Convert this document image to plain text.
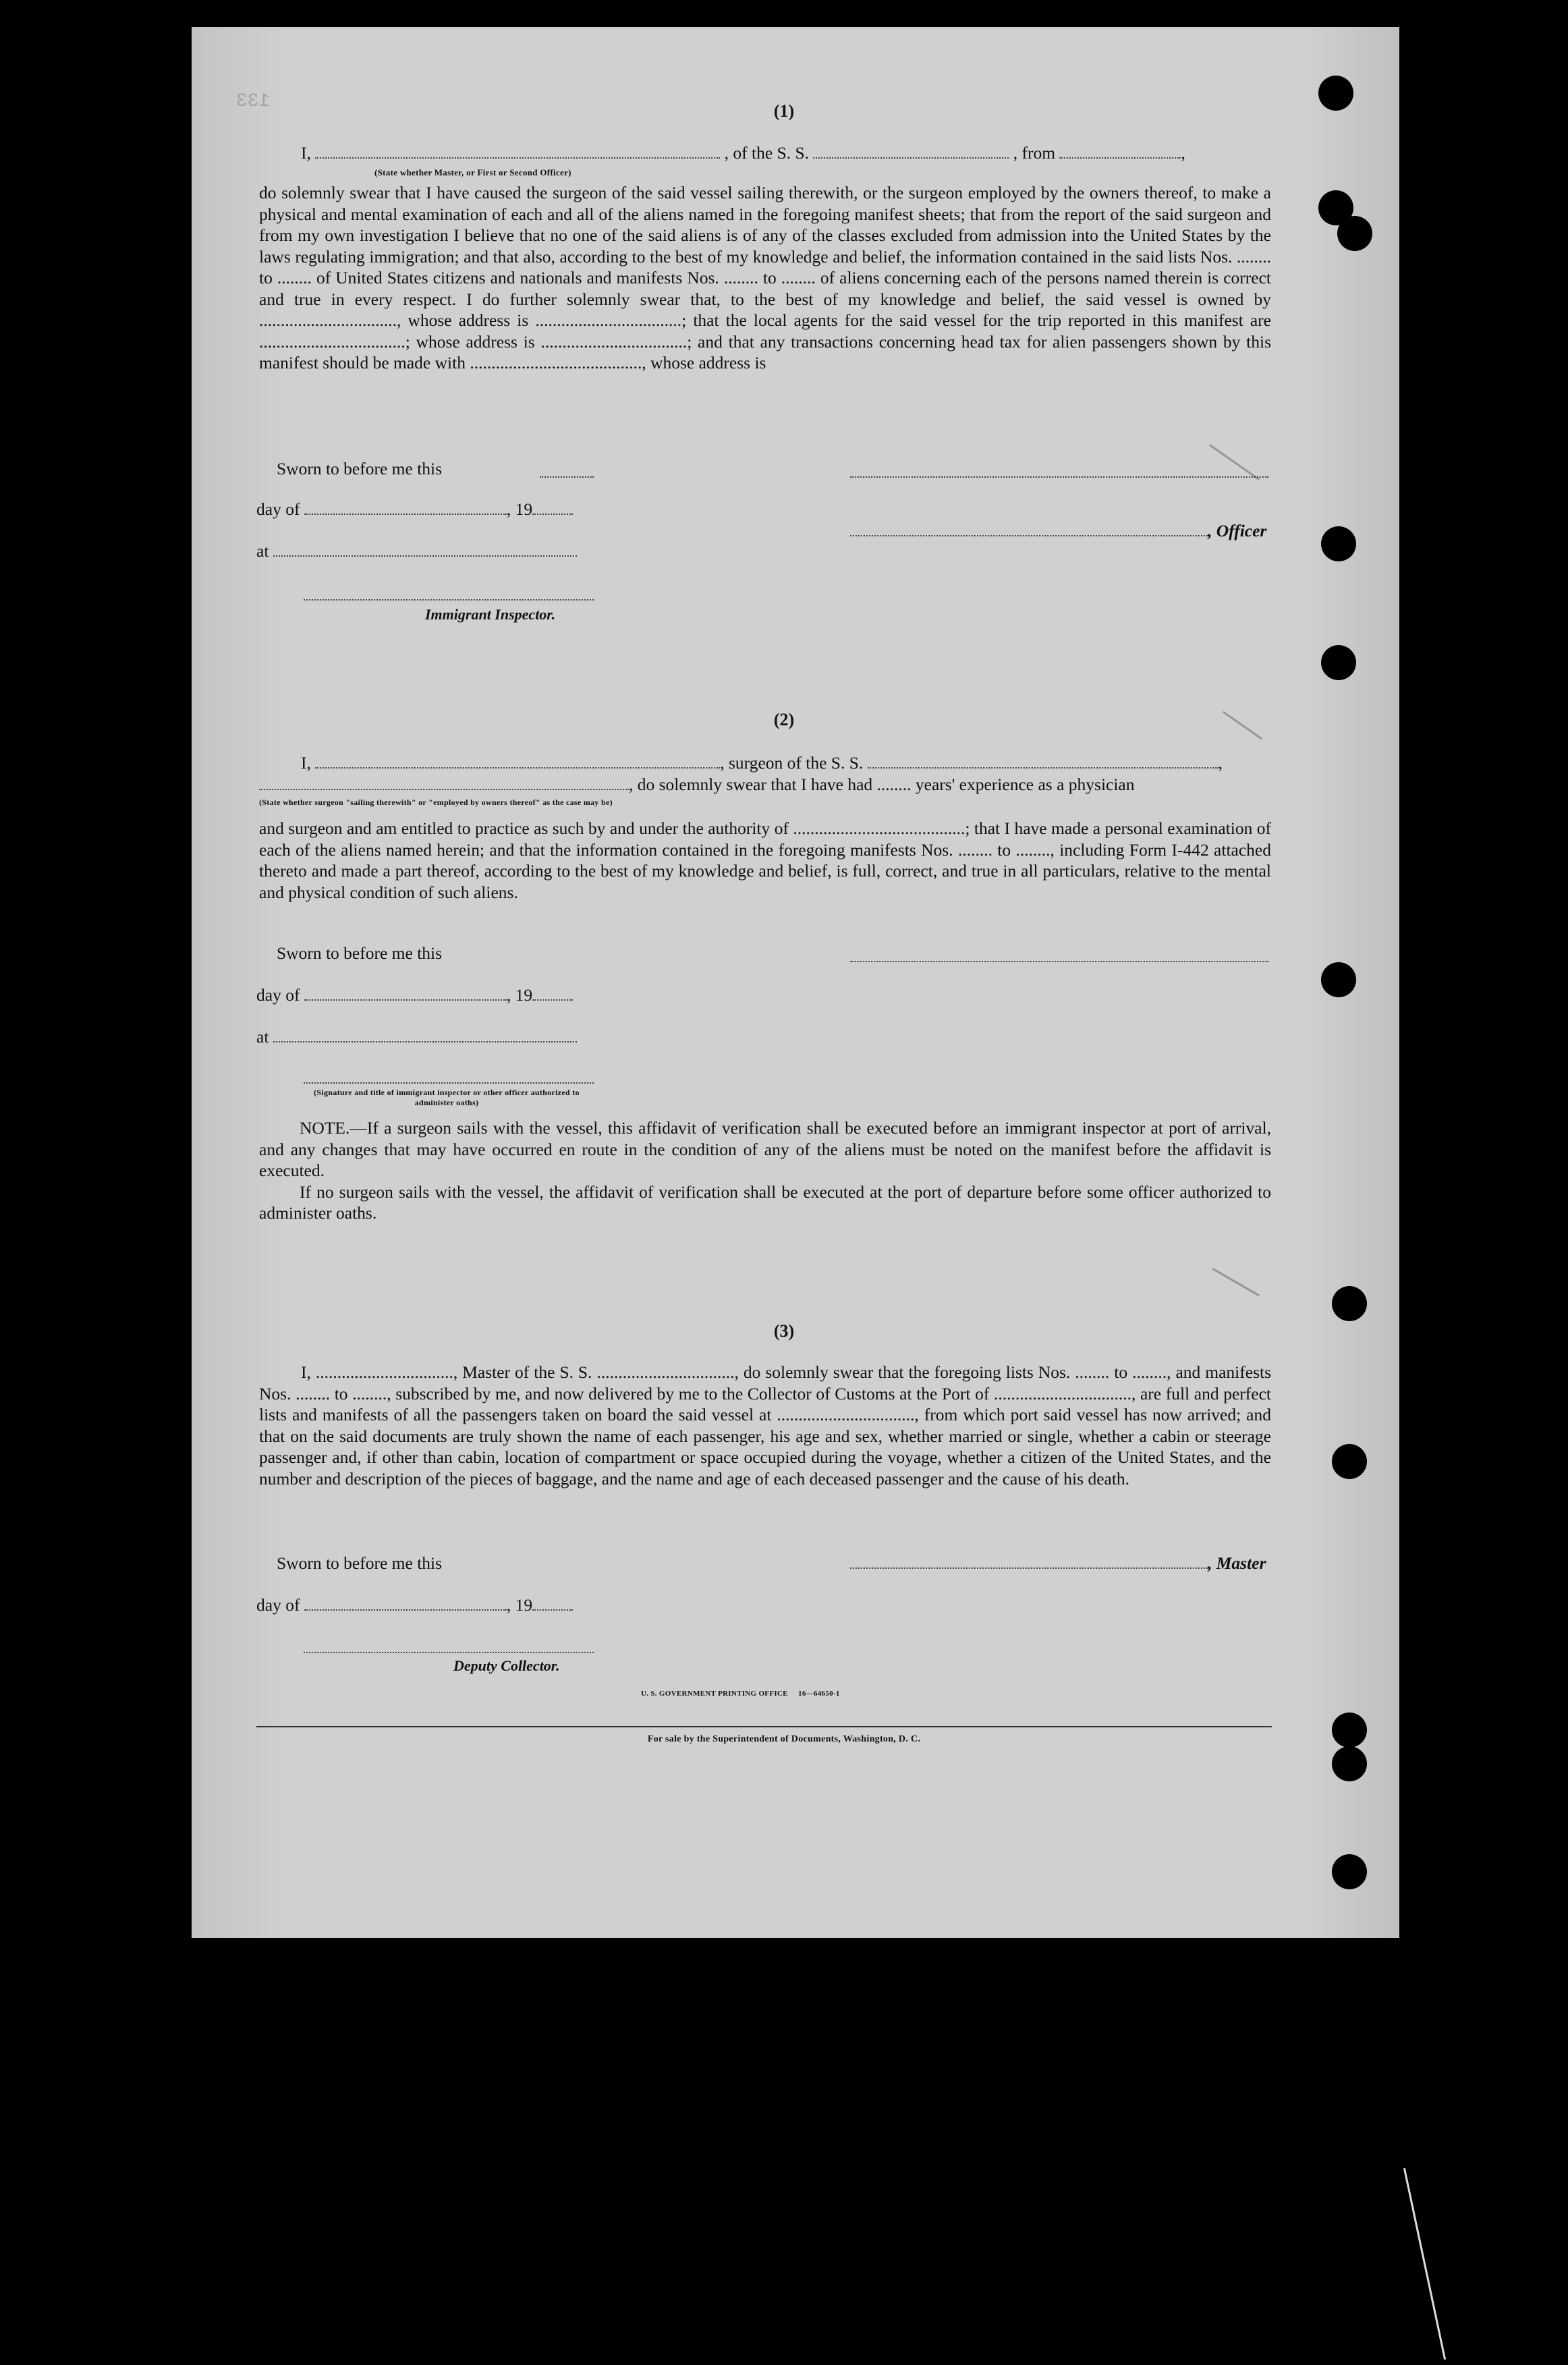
133	(1)
I,	, of the S. S.	, from	,
(State whether Master, or First or Second Officer)

do solemnly swear that I have caused the surgeon of the said vessel sailing therewith, or the surgeon employed by the owners thereof, to make a physical and mental examination of each and all of the aliens named in the foregoing manifest sheets; that from the report of the said surgeon and from my own investigation I believe that no one of the said aliens is of any of the classes excluded from admission into the United States by the laws regulating immigration; and that also, according to the best of my knowledge and belief, the information contained in the said lists Nos. ........ to ........ of United States citizens and nationals and manifests Nos. ........ to ........ of aliens concerning each of the persons named therein is correct and true in every respect. I do further solemnly swear that, to the best of my knowledge and belief, the said vessel is owned by ................................, whose address is ..................................; that the local agents for the said vessel for the trip reported in this manifest are ..................................; whose address is ..................................; and that any transactions concerning head tax for alien passengers shown by this manifest should be made with ........................................, whose address is

Sworn to before me this
day of	, 19
, Officer
at
Immigrant Inspector.
(2)
I,	, surgeon of the S. S.	,
, do solemnly swear that I have had ........ years' experience as a physician
(State whether surgeon "sailing therewith" or "employed by owners thereof" as the case may be)

and surgeon and am entitled to practice as such by and under the authority of ........................................; that I have made a personal examination of each of the aliens named herein; and that the information contained in the foregoing manifests Nos. ........ to ........, including Form I-442 attached thereto and made a part thereof, according to the best of my knowledge and belief, is full, correct, and true in all particulars, relative to the mental and physical condition of such aliens.

Sworn to before me this
day of	, 19
at
(Signature and title of immigrant inspector or other officer authorized to administer oaths)

NOTE.—If a surgeon sails with the vessel, this affidavit of verification shall be executed before an immigrant inspector at port of arrival, and any changes that may have occurred en route in the condition of any of the aliens must be noted on the manifest before the affidavit is executed.

If no surgeon sails with the vessel, the affidavit of verification shall be executed at the port of departure before some officer authorized to administer oaths.

(3)

I, ................................, Master of the S. S. ................................, do solemnly swear that the foregoing lists Nos. ........ to ........, and manifests Nos. ........ to ........, subscribed by me, and now delivered by me to the Collector of Customs at the Port of ................................, are full and perfect lists and manifests of all the passengers taken on board the said vessel at ................................, from which port said vessel has now arrived; and that on the said documents are truly shown the name of each passenger, his age and sex, whether married or single, whether a cabin or steerage passenger and, if other than cabin, location of compartment or space occupied during the voyage, whether a citizen of the United States, and the number and description of the pieces of baggage, and the name and age of each deceased passenger and the cause of his death.

Sworn to before me this	, Master
day of	, 19
Deputy Collector.
U. S. GOVERNMENT PRINTING OFFICE     16—64650-1
For sale by the Superintendent of Documents, Washington, D. C.
